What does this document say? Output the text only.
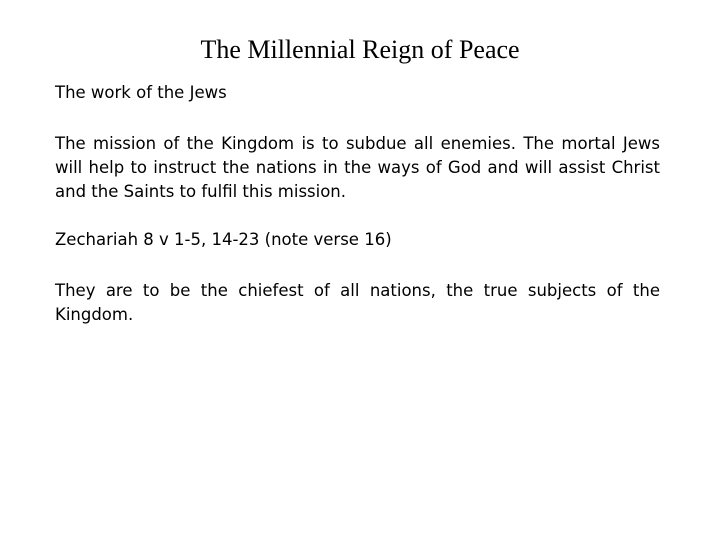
The Millennial Reign of Peace
The work of the Jews
The mission of the Kingdom is to subdue all enemies. The mortal Jews will help to instruct the nations in the ways of God and will assist Christ and the Saints to fulfil this mission.
Zechariah 8 v 1-5, 14-23 (note verse 16)
They are to be the chiefest of all nations, the true subjects of the Kingdom.
